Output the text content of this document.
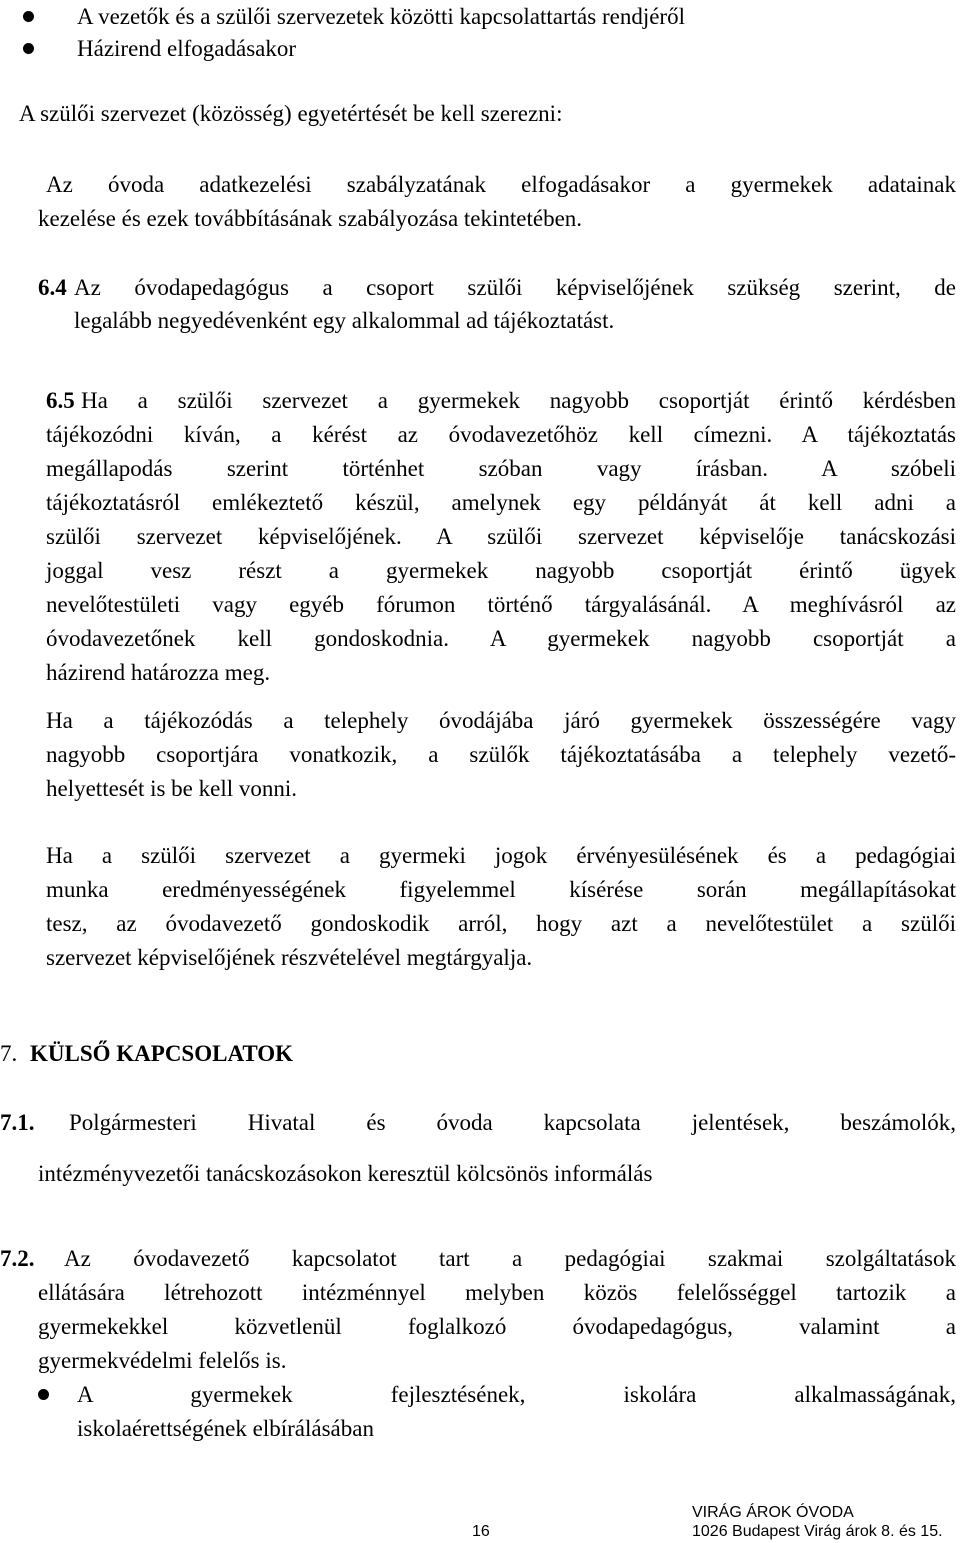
A vezetők és a szülői szervezetek közötti kapcsolattartás rendjéről

Házirend elfogadásakor

A szülői szervezet (közösség) egyetértését be kell szerezni:

Az óvoda adatkezelési szabályzatának elfogadásakor a gyermekek adatainak

kezelése és ezek továbbításának szabályozása tekintetében.

6.4 Az óvodapedagógus a csoport szülői képviselőjének szükség szerint, de

legalább negyedévenként egy alkalommal ad tájékoztatást.

6.5 Ha a szülői szervezet a gyermekek nagyobb csoportját érintő kérdésben

tájékozódni kíván, a kérést az óvodavezetőhöz kell címezni. A tájékoztatás

megállapodás szerint történhet szóban vagy írásban. A szóbeli

tájékoztatásról emlékeztető készül, amelynek egy példányát át kell adni a

szülői szervezet képviselőjének. A szülői szervezet képviselője tanácskozási

joggal vesz részt a gyermekek nagyobb csoportját érintő ügyek

nevelőtestületi vagy egyéb fórumon történő tárgyalásánál. A meghívásról az

óvodavezetőnek kell gondoskodnia. A gyermekek nagyobb csoportját a

házirend határozza meg.

Ha a tájékozódás a telephely óvodájába járó gyermekek összességére vagy

nagyobb csoportjára vonatkozik, a szülők tájékoztatásába a telephely vezető-

helyettesét is be kell vonni.

Ha a szülői szervezet a gyermeki jogok érvényesülésének és a pedagógiai

munka eredményességének figyelemmel kísérése során megállapításokat

tesz, az óvodavezető gondoskodik arról, hogy azt a nevelőtestület a szülői

szervezet képviselőjének részvételével megtárgyalja.

7. KÜLSŐ KAPCSOLATOK

7.1. Polgármesteri Hivatal és óvoda kapcsolata jelentések, beszámolók,

intézményvezetői tanácskozásokon keresztül kölcsönös informálás

7.2. Az óvodavezető kapcsolatot tart a pedagógiai szakmai szolgáltatások

ellátására létrehozott intézménnyel melyben közös felelősséggel tartozik a

gyermekekkel közvetlenül foglalkozó óvodapedagógus, valamint a

gyermekvédelmi felelős is.

A gyermekek fejlesztésének, iskolára alkalmasságának,

iskolaérettségének elbírálásában

16
VIRÁG ÁROK ÓVODA
1026 Budapest Virág árok 8. és 15.
